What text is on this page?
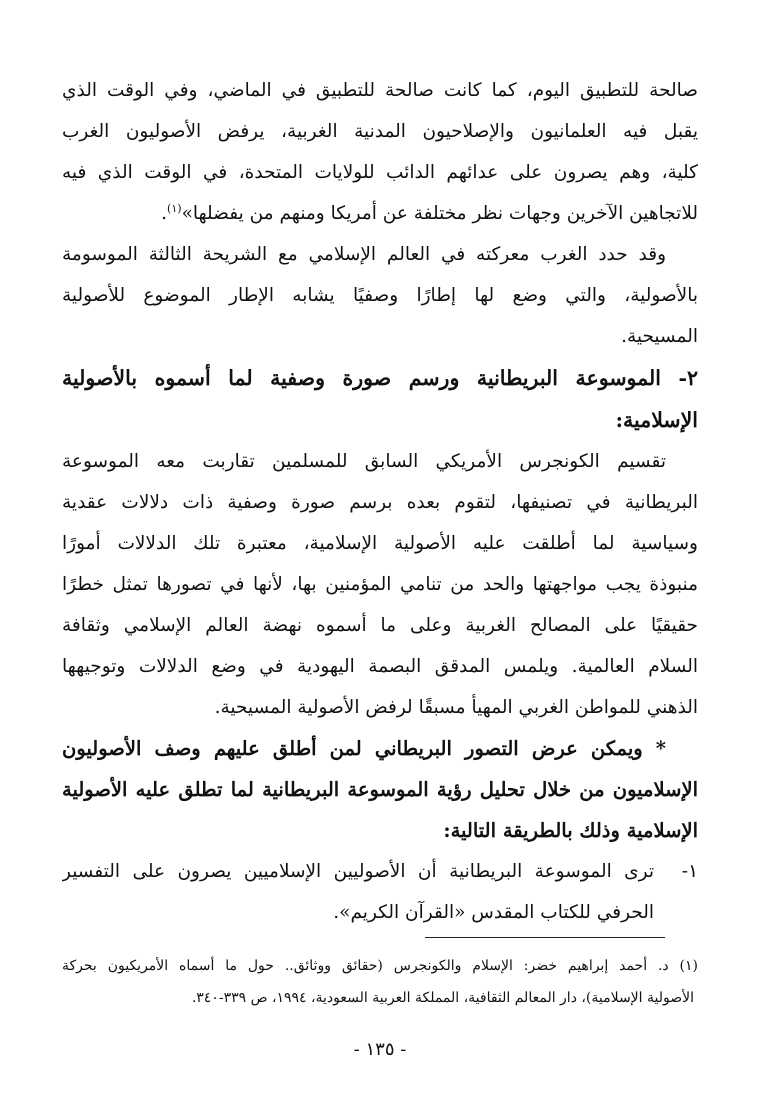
صالحة للتطبيق اليوم، كما كانت صالحة للتطبيق في الماضي، وفي الوقت الذي
يقبل فيه العلمانيون والإصلاحيون المدنية الغربية، يرفض الأصوليون الغرب
كلية، وهم يصرون على عدائهم الدائب للولايات المتحدة، في الوقت الذي فيه
للاتجاهين الآخرين وجهات نظر مختلفة عن أمريكا ومنهم من يفضلها»$^{(١)}$.
وقد حدد الغرب معركته في العالم الإسلامي مع الشريحة الثالثة الموسومة
بالأصولية، والتي وضع لها إطارًا وصفيًا يشابه الإطار الموضوع للأصولية
المسيحية.
٢- الموسوعة البريطانية ورسم صورة وصفية لما أسموه بالأصولية
الإسلامية:
تقسيم الكونجرس الأمريكي السابق للمسلمين تقاربت معه الموسوعة
البريطانية في تصنيفها، لتقوم بعده برسم صورة وصفية ذات دلالات عقدية
وسياسية لما أطلقت عليه الأصولية الإسلامية، معتبرة تلك الدلالات أمورًا
منبوذة يجب مواجهتها والحد من تنامي المؤمنين بها، لأنها في تصورها تمثل خطرًا
حقيقيًا على المصالح الغربية وعلى ما أسموه نهضة العالم الإسلامي وثقافة
السلام العالمية. ويلمس المدقق البصمة اليهودية في وضع الدلالات وتوجيهها
الذهني للمواطن الغربي المهيأ مسبقًا لرفض الأصولية المسيحية.
* ويمكن عرض التصور البريطاني لمن أطلق عليهم وصف الأصوليون
الإسلاميون من خلال تحليل رؤية الموسوعة البريطانية لما تطلق عليه الأصولية
الإسلامية وذلك بالطريقة التالية:
١-
ترى الموسوعة البريطانية أن الأصوليين الإسلاميين يصرون على التفسير
الحرفي للكتاب المقدس «القرآن الكريم».
(١) د. أحمد إبراهيم خضر: الإسلام والكونجرس (حقائق ووثائق.. حول ما أسماه الأمريكيون بحركة
الأصولية الإسلامية)، دار المعالم الثقافية، المملكة العربية السعودية، ١٩٩٤، ص ٣٣٩-٣٤٠.
- ١٣٥ -
